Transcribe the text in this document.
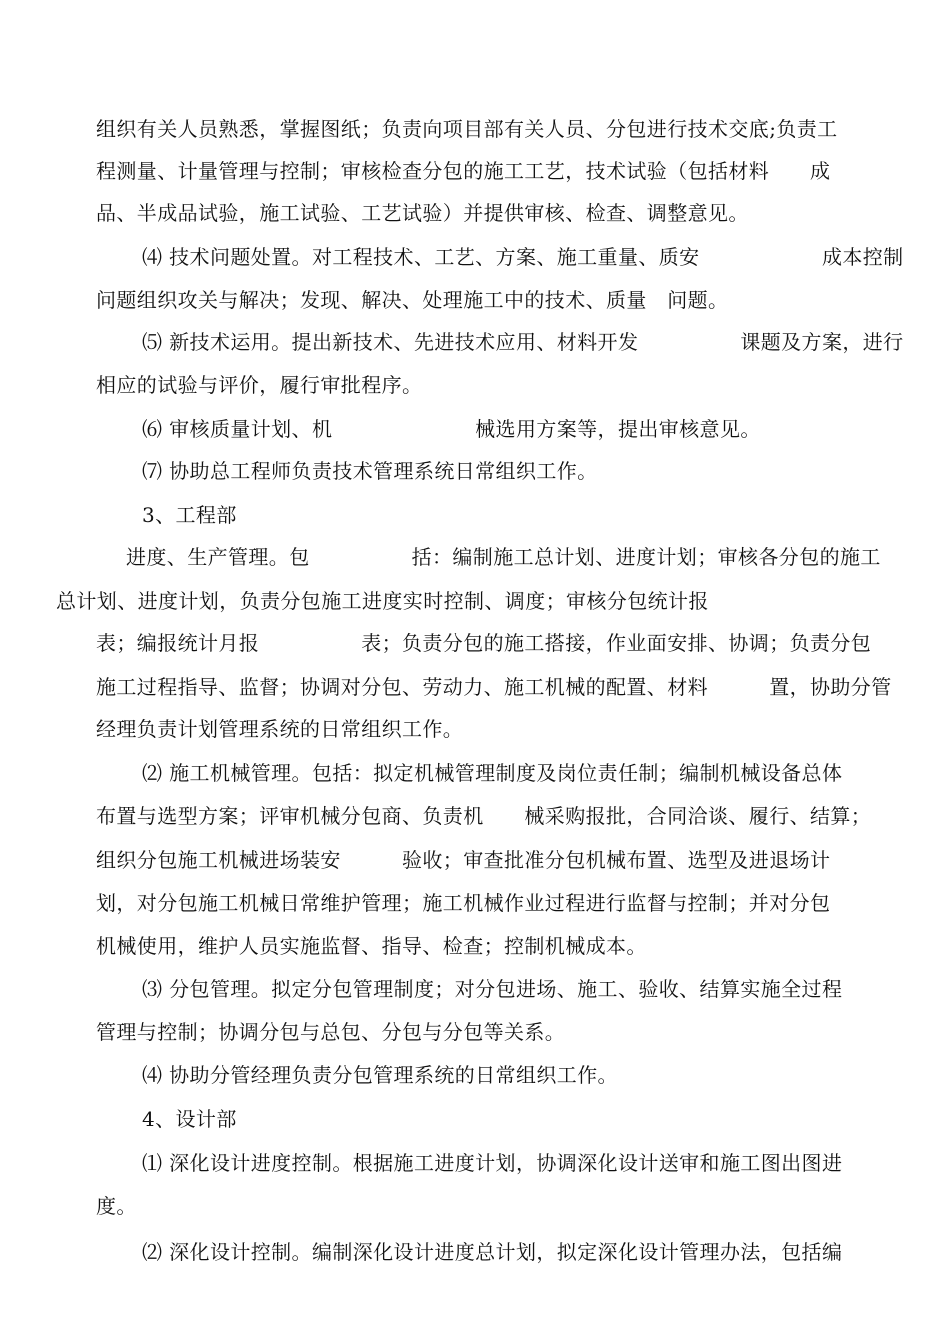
组织有关人员熟悉，掌握图纸；负责向项目部有关人员、分包进行技术交底;负责工
程测量、计量管理与控制；审核检查分包的施工工艺，技术试验（包括材料　　成
品、半成品试验，施工试验、工艺试验）并提供审核、检查、调整意见。
⑷ 技术问题处置。对工程技术、工艺、方案、施工重量、质安　　　　　　成本控制
问题组织攻关与解决；发现、解决、处理施工中的技术、质量　问题。
⑸ 新技术运用。提出新技术、先进技术应用、材料开发　　　　　课题及方案，进行
相应的试验与评价，履行审批程序。
⑹ 审核质量计划、机　　　　　　　械选用方案等，提出审核意见。
⑺ 协助总工程师负责技术管理系统日常组织工作。
3、工程部
进度、生产管理。包　　　　　括：编制施工总计划、进度计划；审核各分包的施工
总计划、进度计划，负责分包施工进度实时控制、调度；审核分包统计报
表；编报统计月报　　　　　表；负责分包的施工搭接，作业面安排、协调；负责分包
施工过程指导、监督；协调对分包、劳动力、施工机械的配置、材料　　　置，协助分管
经理负责计划管理系统的日常组织工作。
⑵ 施工机械管理。包括：拟定机械管理制度及岗位责任制；编制机械设备总体
布置与选型方案；评审机械分包商、负责机　　械采购报批，合同洽谈、履行、结算；
组织分包施工机械进场装安　　　验收；审查批准分包机械布置、选型及进退场计
划，对分包施工机械日常维护管理；施工机械作业过程进行监督与控制；并对分包
机械使用，维护人员实施监督、指导、检查；控制机械成本。
⑶ 分包管理。拟定分包管理制度；对分包进场、施工、验收、结算实施全过程
管理与控制；协调分包与总包、分包与分包等关系。
⑷ 协助分管经理负责分包管理系统的日常组织工作。
4、设计部
⑴ 深化设计进度控制。根据施工进度计划，协调深化设计送审和施工图出图进
度。
⑵ 深化设计控制。编制深化设计进度总计划，拟定深化设计管理办法，包括编
